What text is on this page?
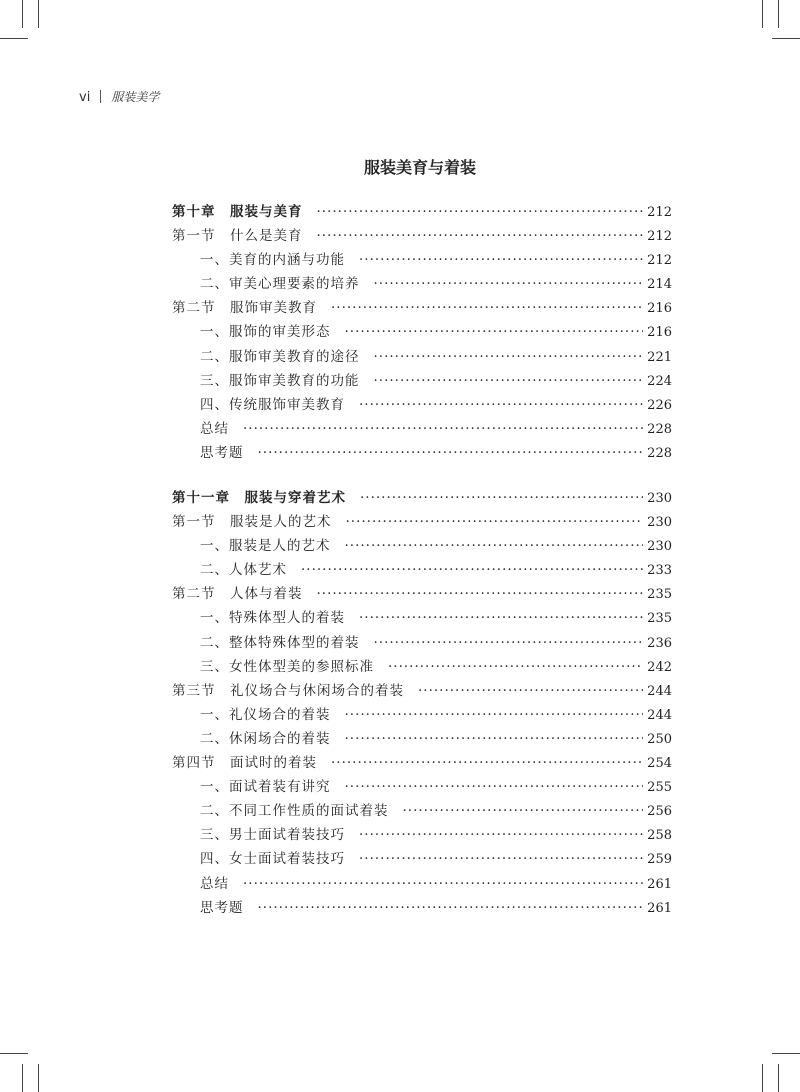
vi 服装美学
服装美育与着装
第十章　服装与美育 ·····	212
第一节　什么是美育 ·····	212
一、美育的内涵与功能 ·····	212
二、审美心理要素的培养 ·····	214
第二节　服饰审美教育 ·····	216
一、服饰的审美形态 ·····	216
二、服饰审美教育的途径 ·····	221
三、服饰审美教育的功能 ·····	224
四、传统服饰审美教育 ·····	226
总结 ·····	228
思考题 ·····	228
第十一章　服装与穿着艺术 ·····	230
第一节　服装是人的艺术 ·····	230
一、服装是人的艺术 ·····	230
二、人体艺术 ·····	233
第二节　人体与着装 ·····	235
一、特殊体型人的着装 ·····	235
二、整体特殊体型的着装 ·····	236
三、女性体型美的参照标准 ·····	242
第三节　礼仪场合与休闲场合的着装 ·····	244
一、礼仪场合的着装 ·····	244
二、休闲场合的着装 ·····	250
第四节　面试时的着装 ·····	254
一、面试着装有讲究 ·····	255
二、不同工作性质的面试着装 ·····	256
三、男士面试着装技巧 ·····	258
四、女士面试着装技巧 ·····	259
总结 ·····	261
思考题 ·····	261
